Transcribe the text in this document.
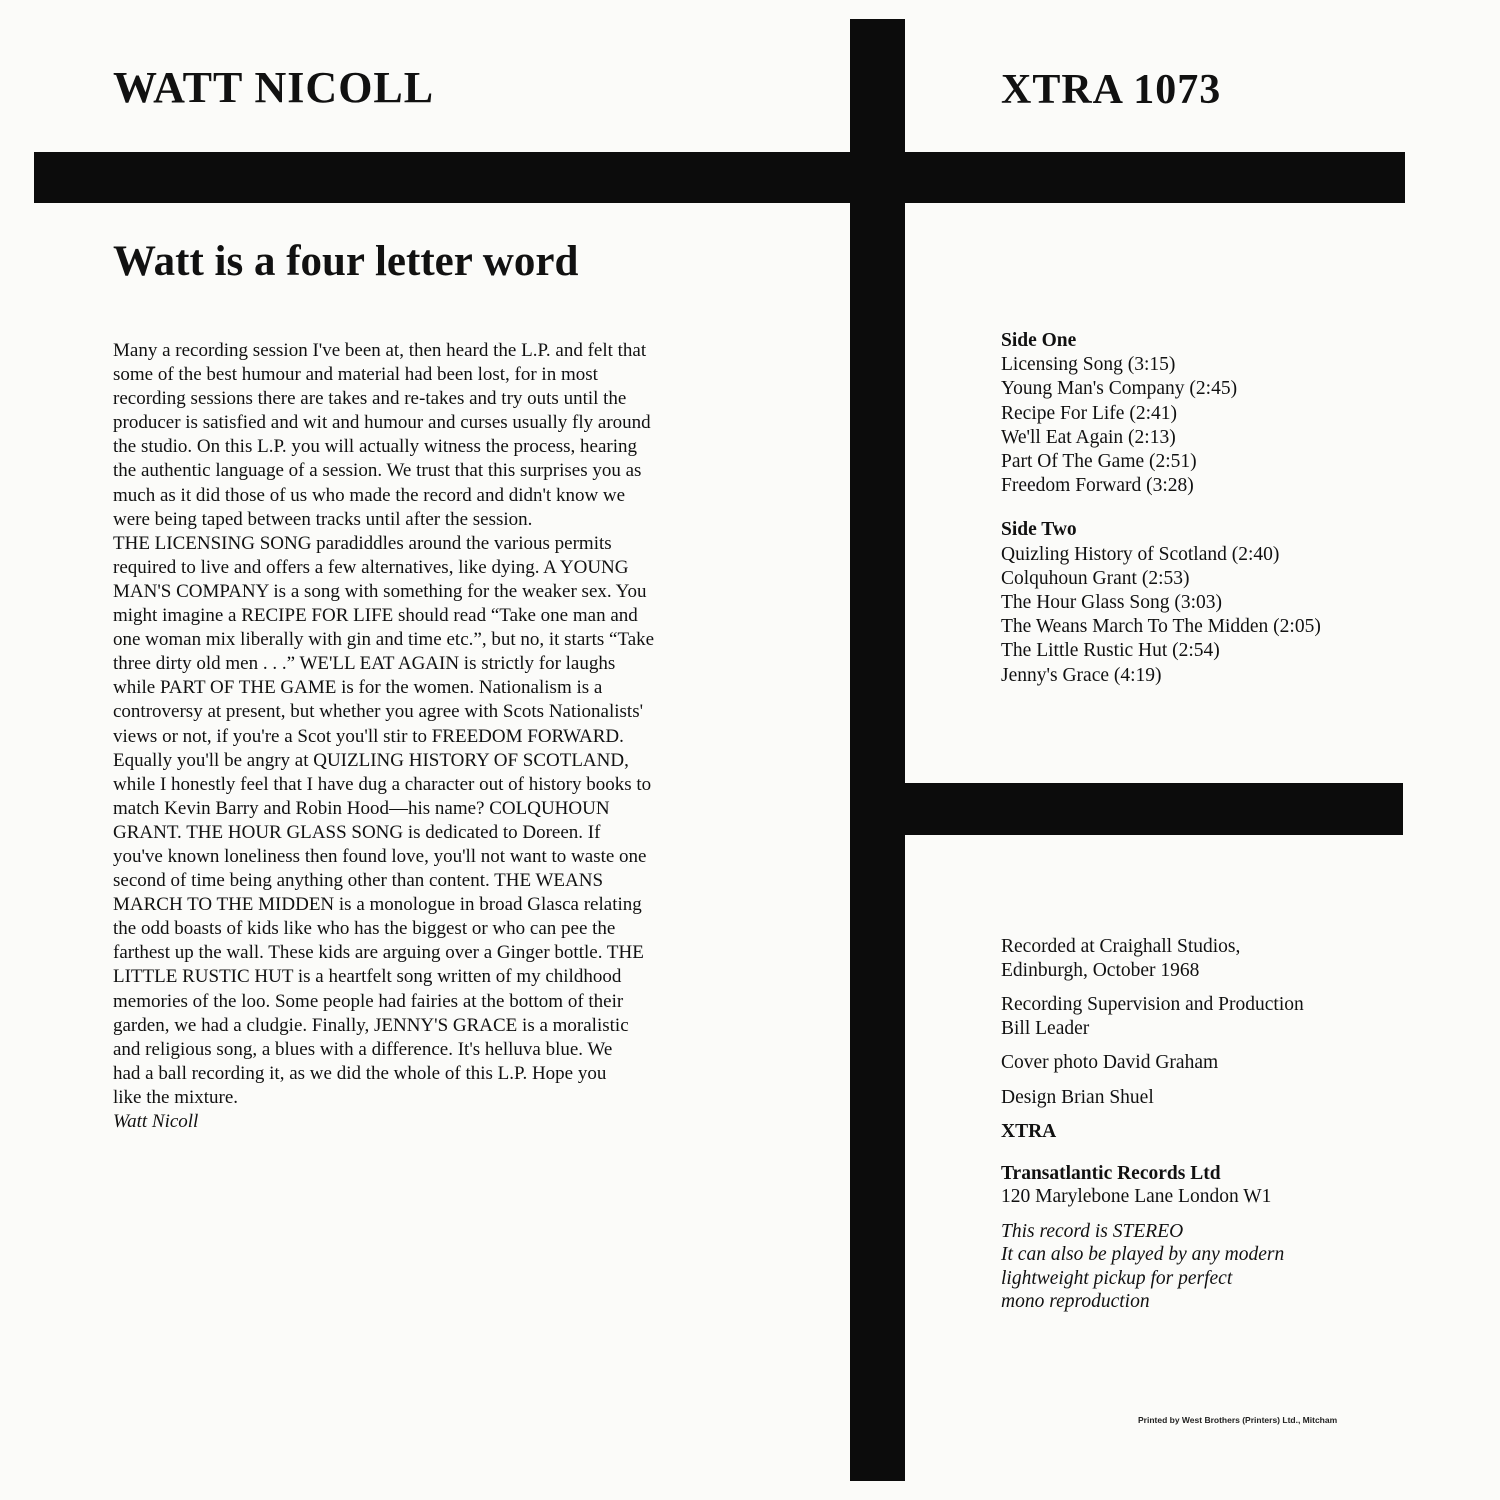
WATT NICOLL	XTRA 1073
Watt is a four letter word

Many a recording session I've been at, then heard the L.P. and felt that

some of the best humour and material had been lost, for in most

recording sessions there are takes and re-takes and try outs until the

producer is satisfied and wit and humour and curses usually fly around

the studio. On this L.P. you will actually witness the process, hearing

the authentic language of a session. We trust that this surprises you as

much as it did those of us who made the record and didn't know we

were being taped between tracks until after the session.

THE LICENSING SONG paradiddles around the various permits

required to live and offers a few alternatives, like dying. A YOUNG

MAN'S COMPANY is a song with something for the weaker sex. You

might imagine a RECIPE FOR LIFE should read “Take one man and

one woman mix liberally with gin and time etc.”, but no, it starts “Take

three dirty old men . . .” WE'LL EAT AGAIN is strictly for laughs

while PART OF THE GAME is for the women. Nationalism is a

controversy at present, but whether you agree with Scots Nationalists'

views or not, if you're a Scot you'll stir to FREEDOM FORWARD.

Equally you'll be angry at QUIZLING HISTORY OF SCOTLAND,

while I honestly feel that I have dug a character out of history books to

match Kevin Barry and Robin Hood—his name? COLQUHOUN

GRANT. THE HOUR GLASS SONG is dedicated to Doreen. If

you've known loneliness then found love, you'll not want to waste one

second of time being anything other than content. THE WEANS

MARCH TO THE MIDDEN is a monologue in broad Glasca relating

the odd boasts of kids like who has the biggest or who can pee the

farthest up the wall. These kids are arguing over a Ginger bottle. THE

LITTLE RUSTIC HUT is a heartfelt song written of my childhood

memories of the loo. Some people had fairies at the bottom of their

garden, we had a cludgie. Finally, JENNY'S GRACE is a moralistic

and religious song, a blues with a difference. It's helluva blue. We

had a ball recording it, as we did the whole of this L.P. Hope you

like the mixture.

Watt Nicoll

Side One
Licensing Song (3:15)
Young Man's Company (2:45)
Recipe For Life (2:41)
We'll Eat Again (2:13)
Part Of The Game (2:51)
Freedom Forward (3:28)
Side Two
Quizling History of Scotland (2:40)
Colquhoun Grant (2:53)
The Hour Glass Song (3:03)
The Weans March To The Midden (2:05)
The Little Rustic Hut (2:54)
Jenny's Grace (4:19)

Recorded at Craighall Studios,
Edinburgh, October 1968

Recording Supervision and Production
Bill Leader

Cover photo David Graham

Design Brian Shuel

XTRA

Transatlantic Records Ltd
120 Marylebone Lane London W1

This record is STEREO
It can also be played by any modern
lightweight pickup for perfect
mono reproduction

Printed by West Brothers (Printers) Ltd., Mitcham
